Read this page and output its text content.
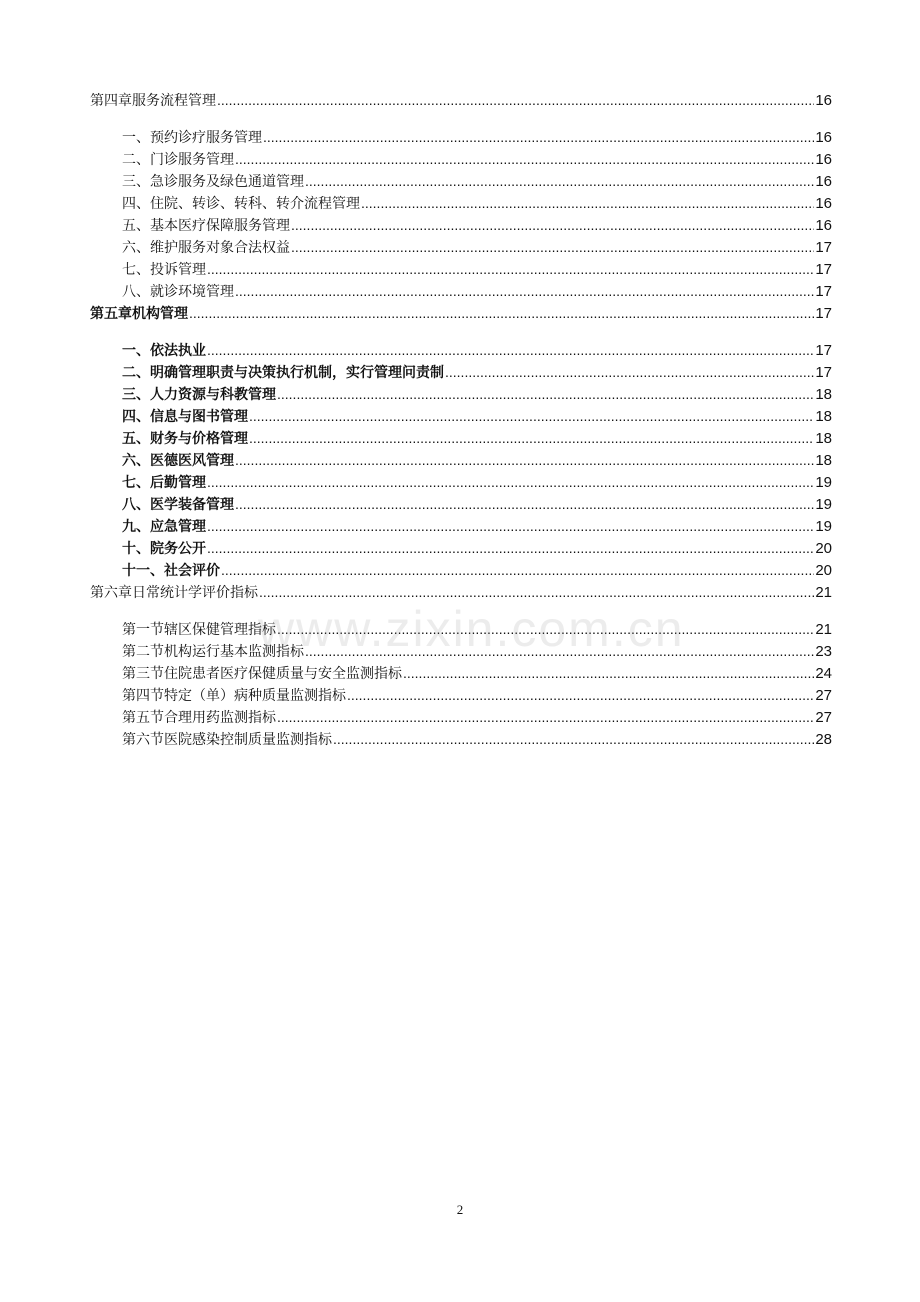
第四章服务流程管理 .....	16
一、预约诊疗服务管理 .....	16
二、门诊服务管理 .....	16
三、急诊服务及绿色通道管理 .....	16
四、住院、转诊、转科、转介流程管理 .....	16
五、基本医疗保障服务管理 .....	16
六、维护服务对象合法权益 .....	17
七、投诉管理 .....	17
八、就诊环境管理 .....	17
第五章机构管理 .....	17
一、依法执业 .....	17
二、明确管理职责与决策执行机制，实行管理问责制 .....	17
三、人力资源与科教管理 .....	18
四、信息与图书管理 .....	18
五、财务与价格管理 .....	18
六、医德医风管理 .....	18
七、后勤管理 .....	19
八、医学装备管理 .....	19
九、应急管理 .....	19
十、院务公开 .....	20
十一、社会评价 .....	20
第六章日常统计学评价指标 .....	21
第一节辖区保健管理指标 .....	21
第二节机构运行基本监测指标 .....	23
第三节住院患者医疗保健质量与安全监测指标 .....	24
第四节特定（单）病种质量监测指标 .....	27
第五节合理用药监测指标 .....	27
第六节医院感染控制质量监测指标 .....	28
www.zixin.com.cn
2
